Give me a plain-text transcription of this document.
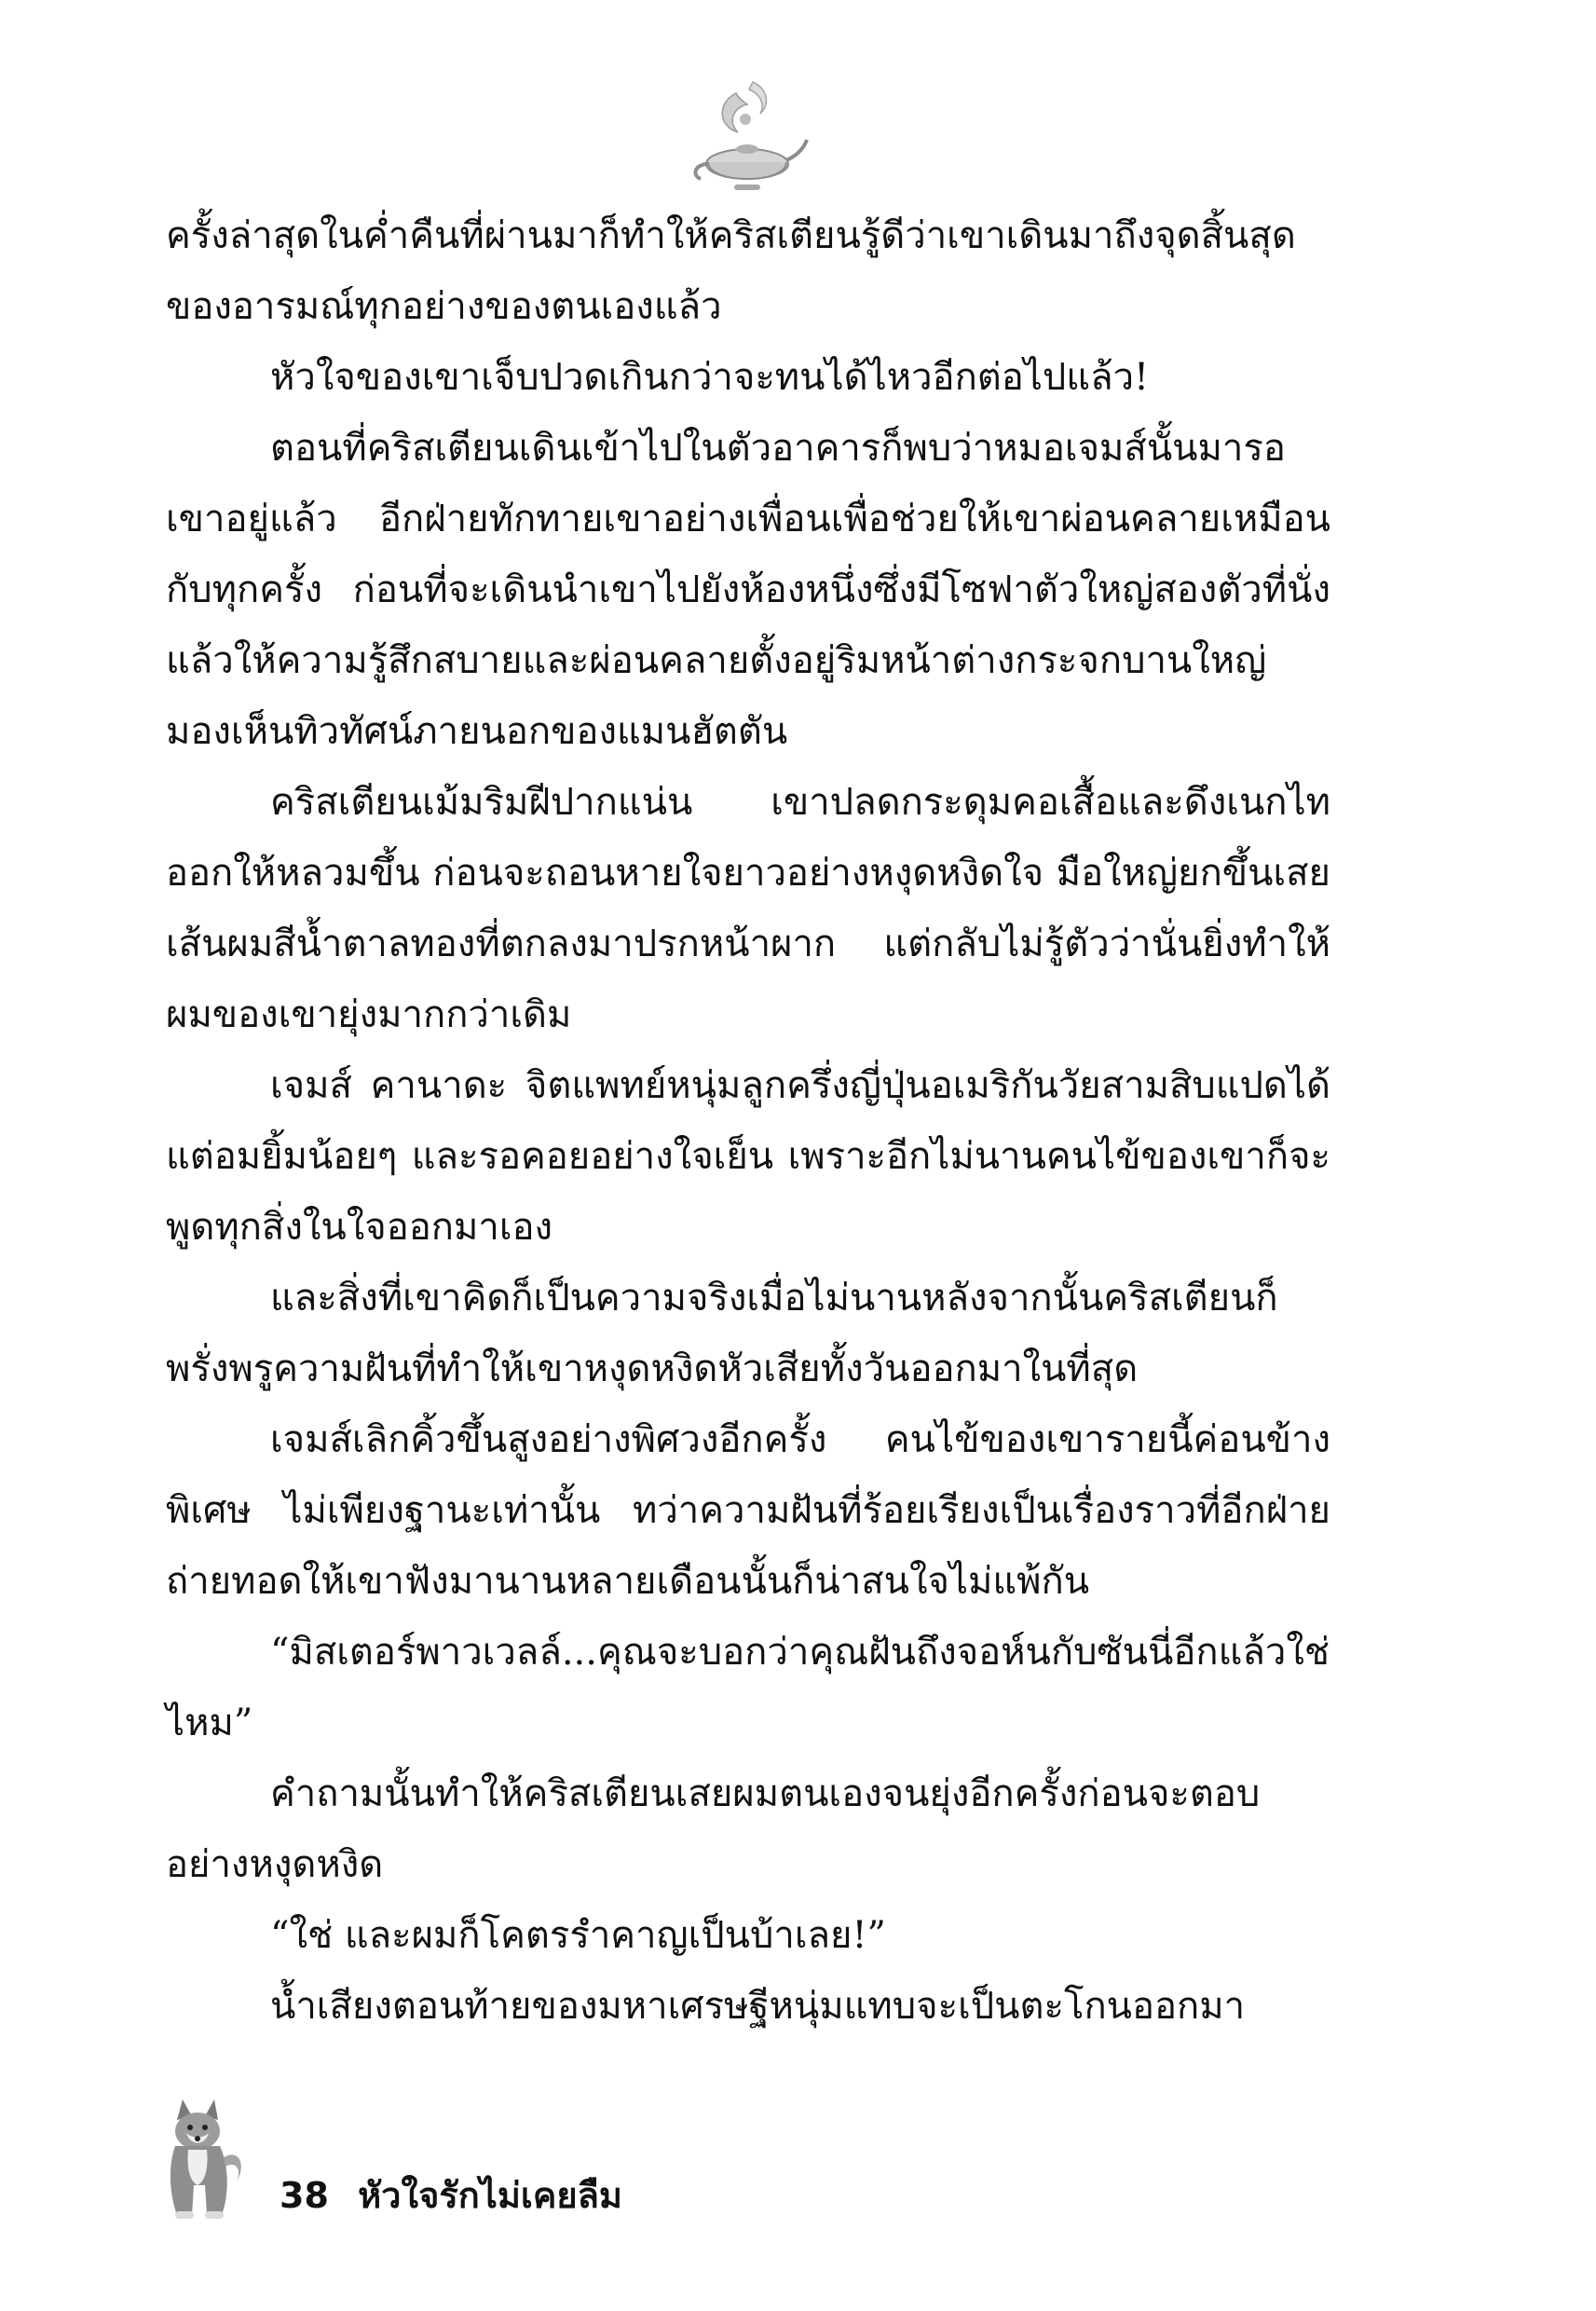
ครั้งล่าสุดในค่ำคืนที่ผ่านมาก็ทำให้คริสเตียนรู้ดีว่าเขาเดินมาถึงจุดสิ้นสุดของอารมณ์ทุกอย่างของตนเองแล้ว

หัวใจของเขาเจ็บปวดเกินกว่าจะทนได้ไหวอีกต่อไปแล้ว!

ตอนที่คริสเตียนเดินเข้าไปในตัวอาคารก็พบว่าหมอเจมส์นั้นมารอเขาอยู่แล้ว อีกฝ่ายทักทายเขาอย่างเพื่อนเพื่อช่วยให้เขาผ่อนคลายเหมือนกับทุกครั้ง ก่อนที่จะเดินนำเขาไปยังห้องหนึ่งซึ่งมีโซฟาตัวใหญ่สองตัวที่นั่งแล้วให้ความรู้สึกสบายและผ่อนคลายตั้งอยู่ริมหน้าต่างกระจกบานใหญ่มองเห็นทิวทัศน์ภายนอกของแมนฮัตตัน

คริสเตียนเม้มริมฝีปากแน่น เขาปลดกระดุมคอเสื้อและดึงเนกไทออกให้หลวมขึ้น ก่อนจะถอนหายใจยาวอย่างหงุดหงิดใจ มือใหญ่ยกขึ้นเสยเส้นผมสีน้ำตาลทองที่ตกลงมาปรกหน้าผาก แต่กลับไม่รู้ตัวว่านั่นยิ่งทำให้ผมของเขายุ่งมากกว่าเดิม

เจมส์ คานาดะ จิตแพทย์หนุ่มลูกครึ่งญี่ปุ่นอเมริกันวัยสามสิบแปดได้แต่อมยิ้มน้อยๆ และรอคอยอย่างใจเย็น เพราะอีกไม่นานคนไข้ของเขาก็จะพูดทุกสิ่งในใจออกมาเอง

และสิ่งที่เขาคิดก็เป็นความจริงเมื่อไม่นานหลังจากนั้นคริสเตียนก็พรั่งพรูความฝันที่ทำให้เขาหงุดหงิดหัวเสียทั้งวันออกมาในที่สุด

เจมส์เลิกคิ้วขึ้นสูงอย่างพิศวงอีกครั้ง คนไข้ของเขารายนี้ค่อนข้างพิเศษ ไม่เพียงฐานะเท่านั้น ทว่าความฝันที่ร้อยเรียงเป็นเรื่องราวที่อีกฝ่ายถ่ายทอดให้เขาฟังมานานหลายเดือนนั้นก็น่าสนใจไม่แพ้กัน

“มิสเตอร์พาวเวลล์...คุณจะบอกว่าคุณฝันถึงจอห์นกับซันนี่อีกแล้วใช่ไหม”

คำถามนั้นทำให้คริสเตียนเสยผมตนเองจนยุ่งอีกครั้งก่อนจะตอบอย่างหงุดหงิด

“ใช่ และผมก็โคตรรำคาญเป็นบ้าเลย!”

น้ำเสียงตอนท้ายของมหาเศรษฐีหนุ่มแทบจะเป็นตะโกนออกมา

38 หัวใจรักไม่เคยลืม
